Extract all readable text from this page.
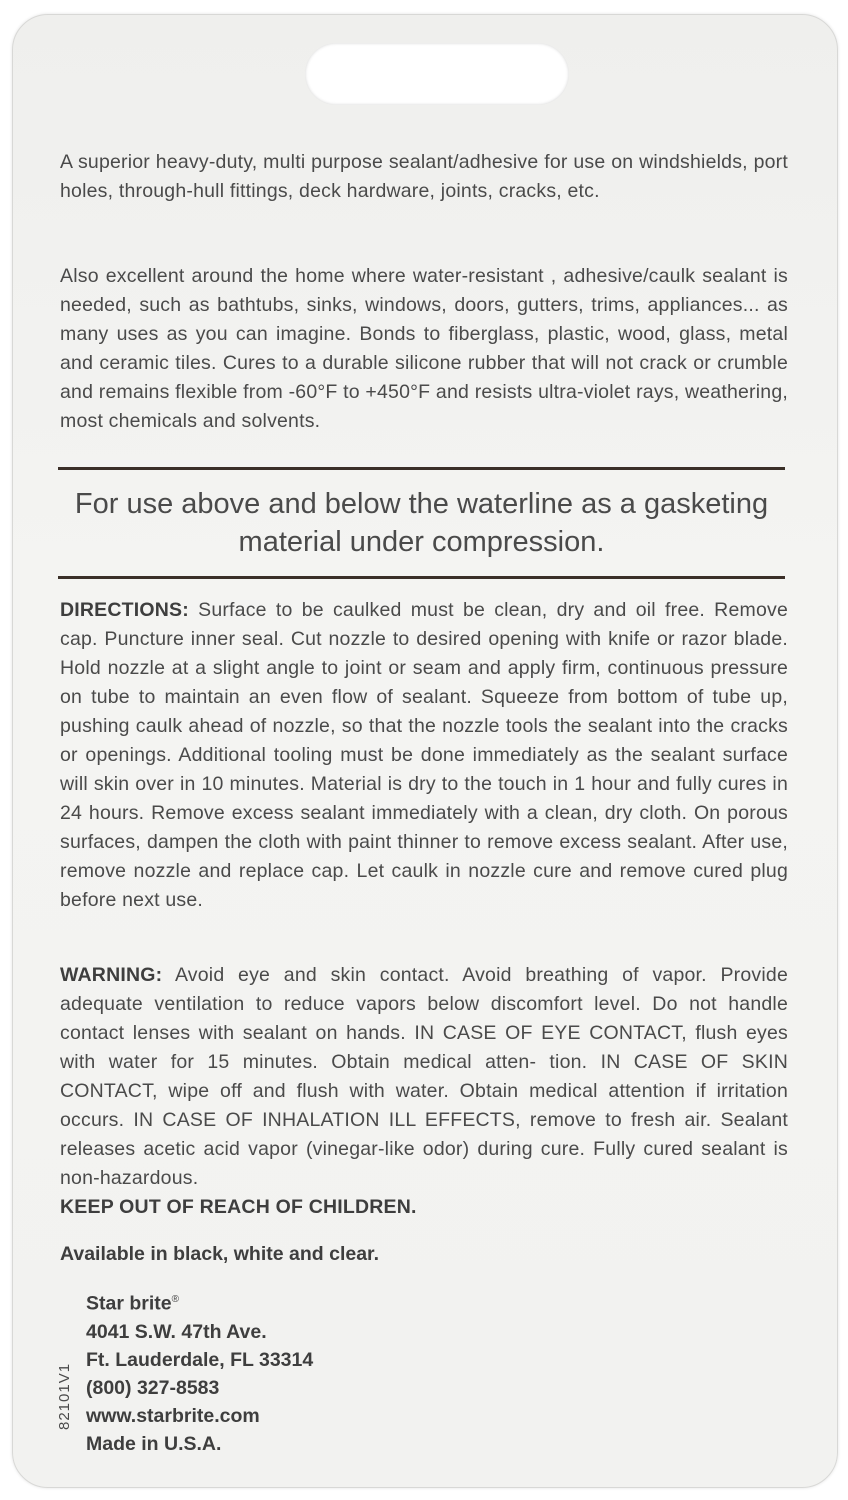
A superior heavy-duty, multi purpose sealant/adhesive for use on windshields, port holes, through-hull fittings, deck hardware, joints, cracks, etc.

Also excellent around the home where water-resistant , adhesive/caulk sealant is needed, such as bathtubs, sinks, windows, doors, gutters, trims, appliances... as many uses as you can imagine. Bonds to fiberglass, plastic, wood, glass, metal and ceramic tiles. Cures to a durable silicone rubber that will not crack or crumble and remains flexible from -60°F to +450°F and resists ultra-violet rays, weathering, most chemicals and solvents.

For use above and below the waterline as a gasketing material under compression.

DIRECTIONS: Surface to be caulked must be clean, dry and oil free. Remove cap. Puncture inner seal. Cut nozzle to desired opening with knife or razor blade. Hold nozzle at a slight angle to joint or seam and apply firm, continuous pressure on tube to maintain an even flow of sealant. Squeeze from bottom of tube up, pushing caulk ahead of nozzle, so that the nozzle tools the sealant into the cracks or openings. Additional tooling must be done immediately as the sealant surface will skin over in 10 minutes. Material is dry to the touch in 1 hour and fully cures in 24 hours. Remove excess sealant immediately with a clean, dry cloth. On porous surfaces, dampen the cloth with paint thinner to remove excess sealant. After use, remove nozzle and replace cap. Let caulk in nozzle cure and remove cured plug before next use.

WARNING: Avoid eye and skin contact. Avoid breathing of vapor. Provide adequate ventilation to reduce vapors below discomfort level. Do not handle contact lenses with sealant on hands. IN CASE OF EYE CONTACT, flush eyes with water for 15 minutes. Obtain medical atten- tion. IN CASE OF SKIN CONTACT, wipe off and flush with water. Obtain medical attention if irritation occurs. IN CASE OF INHALATION ILL EFFECTS, remove to fresh air. Sealant releases acetic acid vapor (vinegar-like odor) during cure. Fully cured sealant is non-hazardous.
KEEP OUT OF REACH OF CHILDREN.

Available in black, white and clear.
Star brite®
4041 S.W. 47th Ave.
Ft. Lauderdale, FL 33314
(800) 327-8583
www.starbrite.com
Made in U.S.A.
82101V1
